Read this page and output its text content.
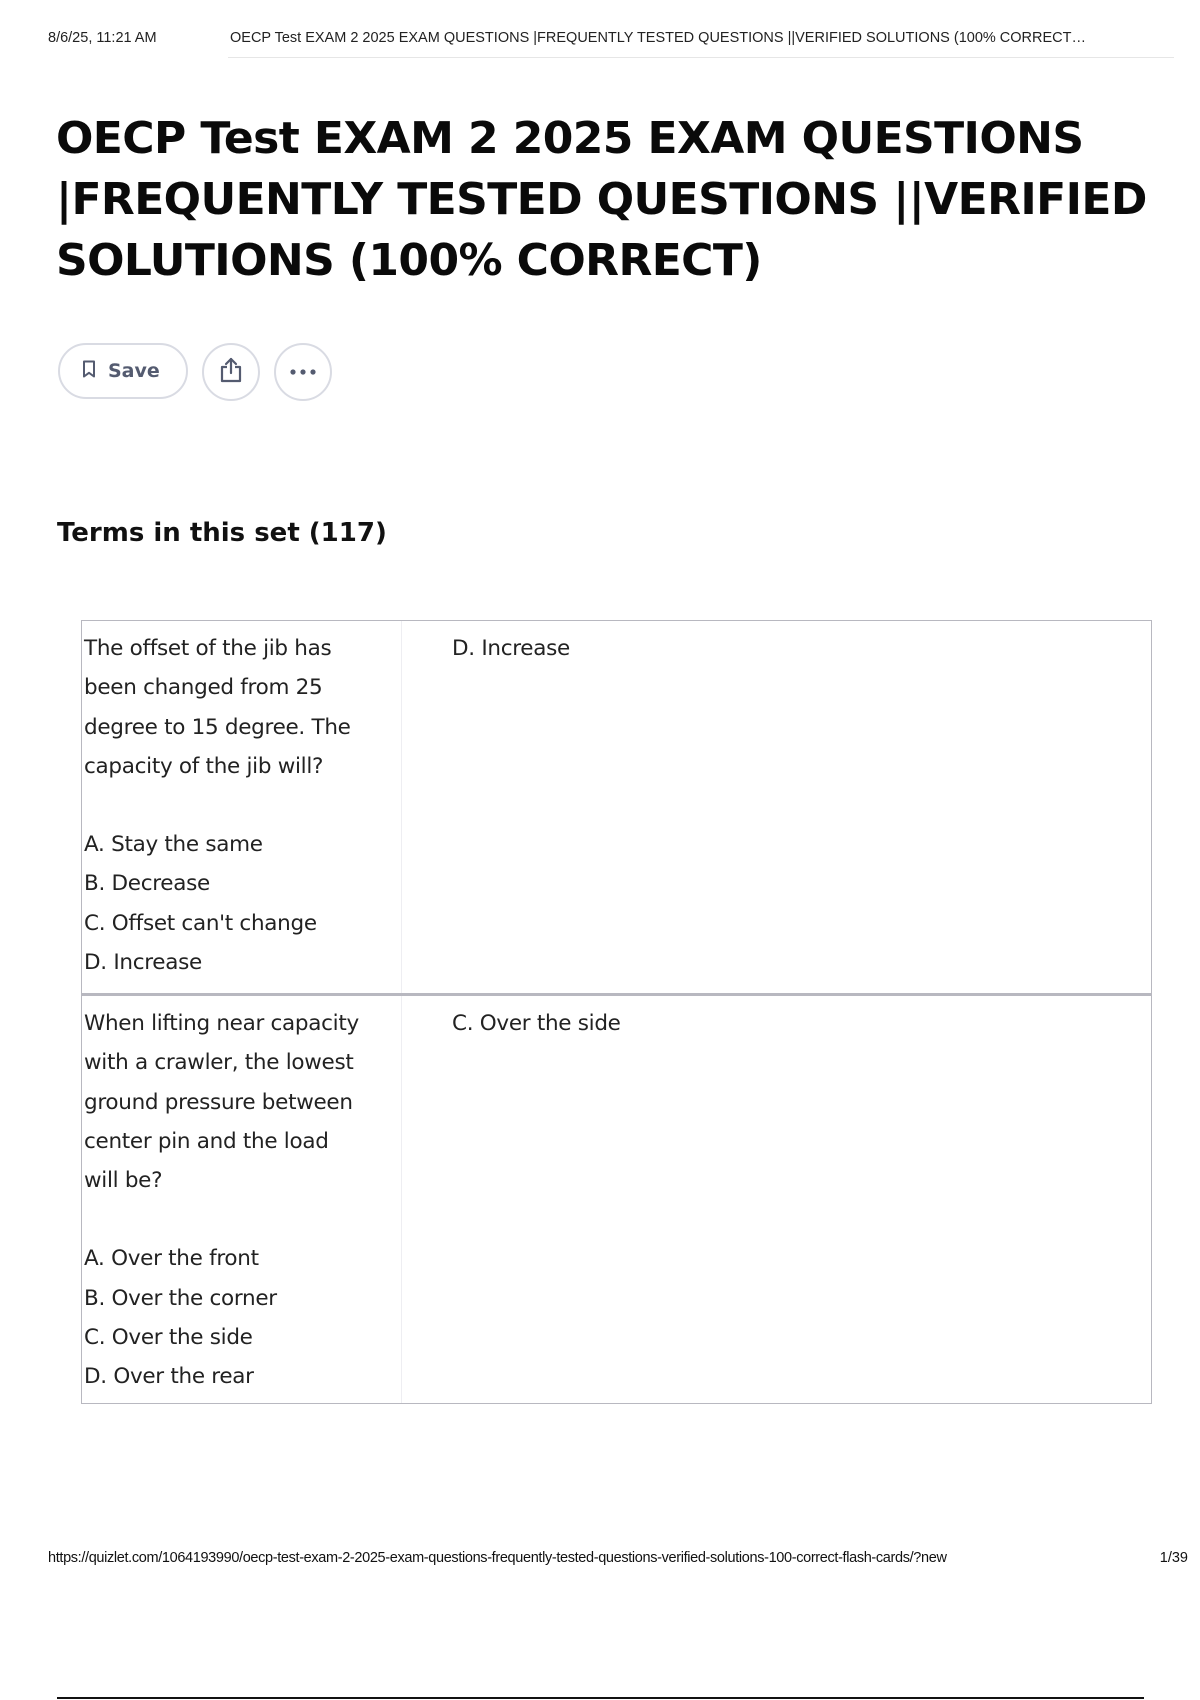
8/6/25, 11:21 AM	OECP Test EXAM 2 2025 EXAM QUESTIONS |FREQUENTLY TESTED QUESTIONS ||VERIFIED SOLUTIONS (100% CORRECT…
OECP Test EXAM 2 2025 EXAM QUESTIONS |FREQUENTLY TESTED QUESTIONS ||VERIFIED SOLUTIONS (100% CORRECT)
Save
Terms in this set (117)

The offset of the jib has

been changed from 25

degree to 15 degree. The

capacity of the jib will?

A. Stay the same

B. Decrease

C. Offset can't change

D. Increase

D. Increase

When lifting near capacity

with a crawler, the lowest

ground pressure between

center pin and the load

will be?

A. Over the front

B. Over the corner

C. Over the side

D. Over the rear

C. Over the side

https://quizlet.com/1064193990/oecp-test-exam-2-2025-exam-questions-frequently-tested-questions-verified-solutions-100-correct-flash-cards/?new	1/39
